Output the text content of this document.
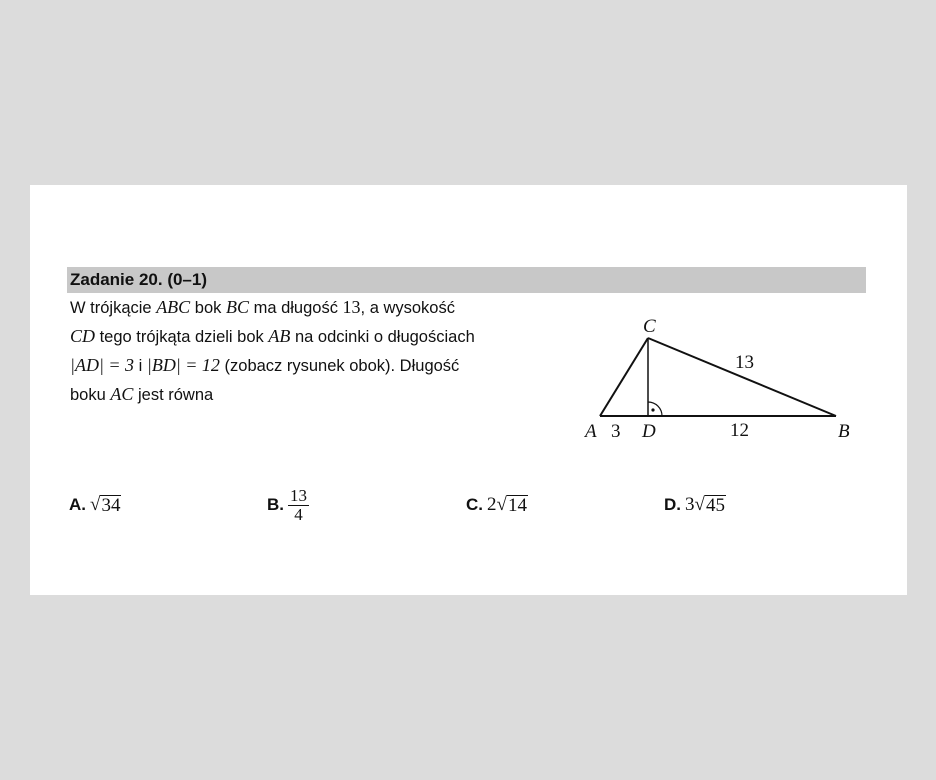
Zadanie 20. (0–1)
W trójkącie ABC bok BC ma długość 13, a wysokość
CD tego trójkąta dzieli bok AB na odcinki o długościach
|AD| = 3 i |BD| = 12 (zobacz rysunek obok). Długość
boku AC jest równa
A 3 D	12	B
C
13
A. √ 34	B. $\frac{13}{4}$	C. 2 √ 14	D. 3 √ 45
